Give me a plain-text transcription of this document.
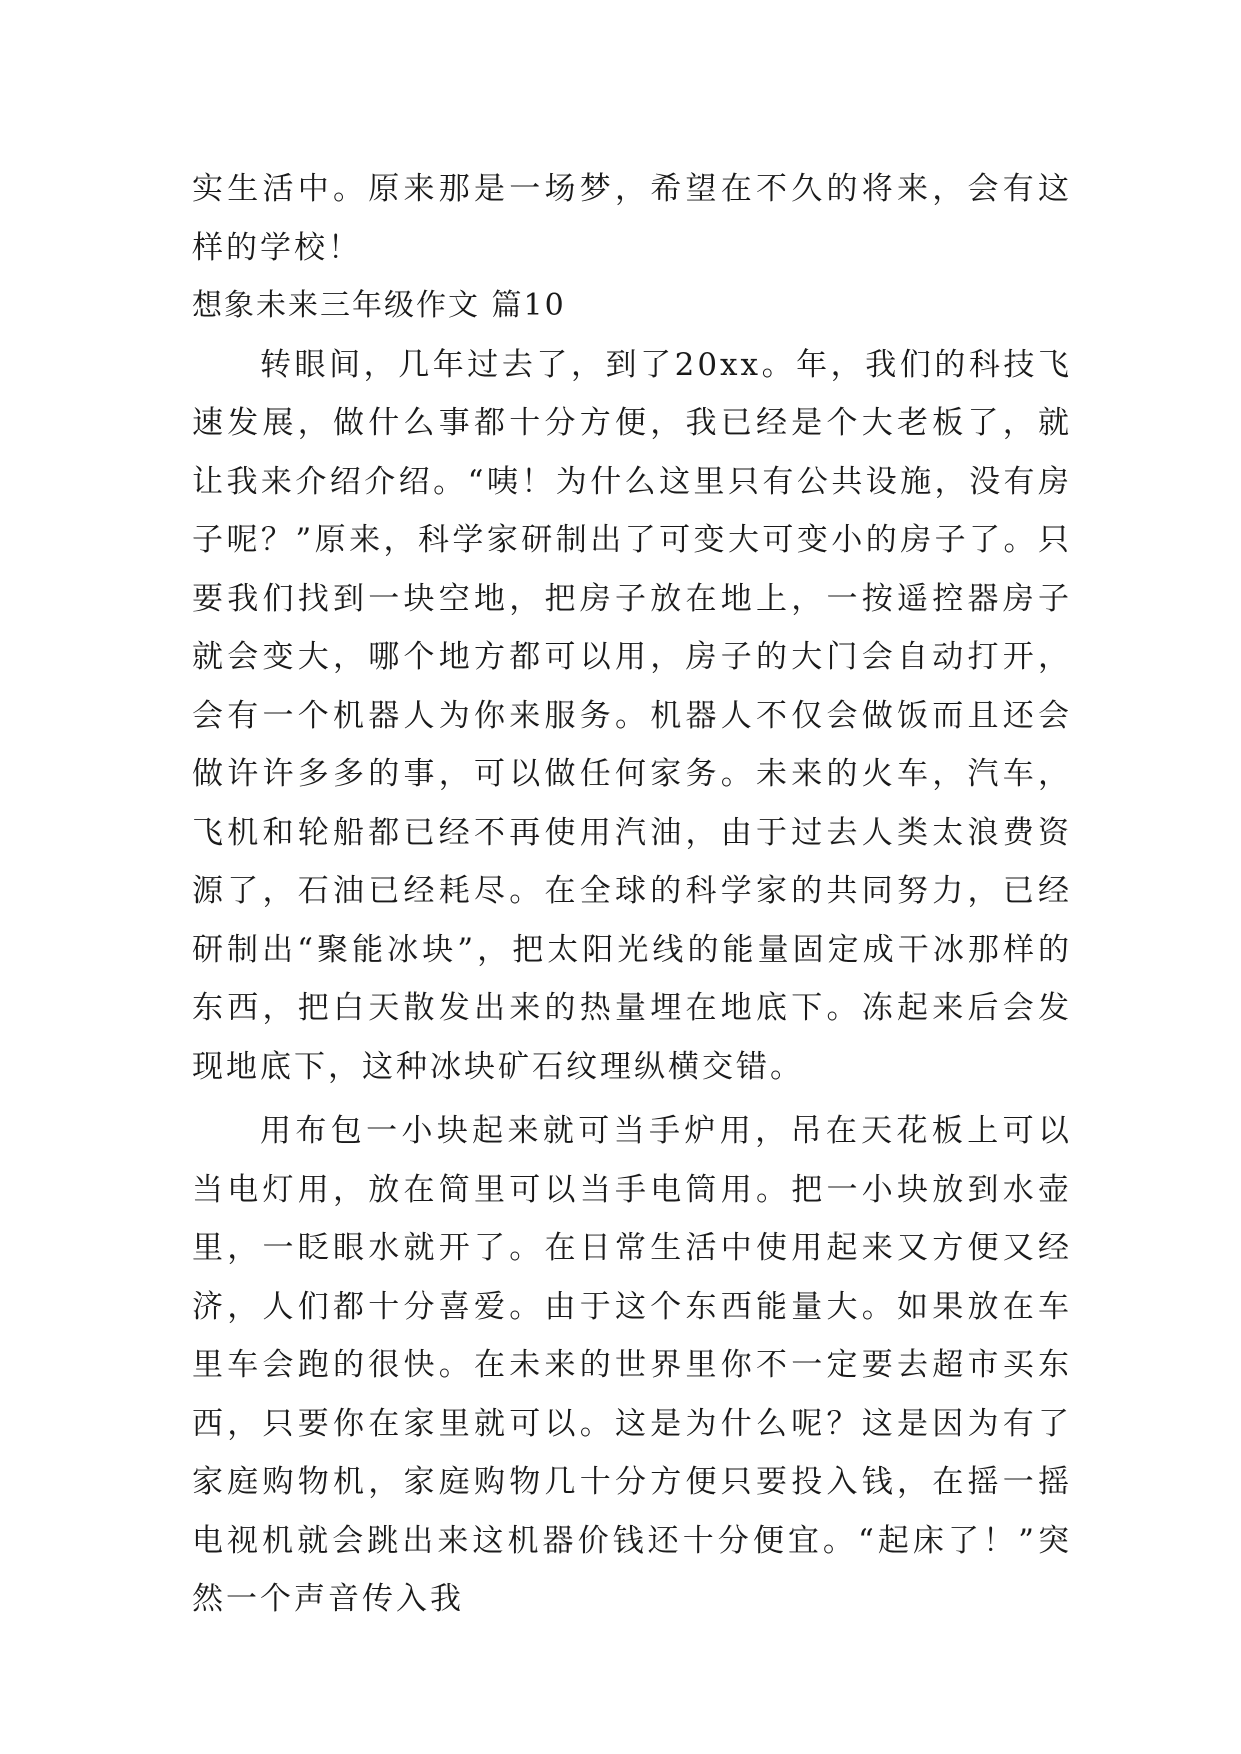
实生活中。原来那是一场梦，希望在不久的将来，会有这样的学校！

想象未来三年级作文 篇10

转眼间，几年过去了，到了20xx。年，我们的科技飞速发展，做什么事都十分方便，我已经是个大老板了，就让我来介绍介绍。“咦！为什么这里只有公共设施，没有房子呢？”原来，科学家研制出了可变大可变小的房子了。只要我们找到一块空地，把房子放在地上，一按遥控器房子就会变大，哪个地方都可以用，房子的大门会自动打开，会有一个机器人为你来服务。机器人不仅会做饭而且还会做许许多多的事，可以做任何家务。未来的火车，汽车，飞机和轮船都已经不再使用汽油，由于过去人类太浪费资源了，石油已经耗尽。在全球的科学家的共同努力，已经研制出“聚能冰块”，把太阳光线的能量固定成干冰那样的东西，把白天散发出来的热量埋在地底下。冻起来后会发现地底下，这种冰块矿石纹理纵横交错。

用布包一小块起来就可当手炉用，吊在天花板上可以当电灯用，放在简里可以当手电筒用。把一小块放到水壶里，一眨眼水就开了。在日常生活中使用起来又方便又经济，人们都十分喜爱。由于这个东西能量大。如果放在车里车会跑的很快。在未来的世界里你不一定要去超市买东西，只要你在家里就可以。这是为什么呢？这是因为有了家庭购物机，家庭购物几十分方便只要投入钱，在摇一摇电视机就会跳出来这机器价钱还十分便宜。“起床了！”突然一个声音传入我
